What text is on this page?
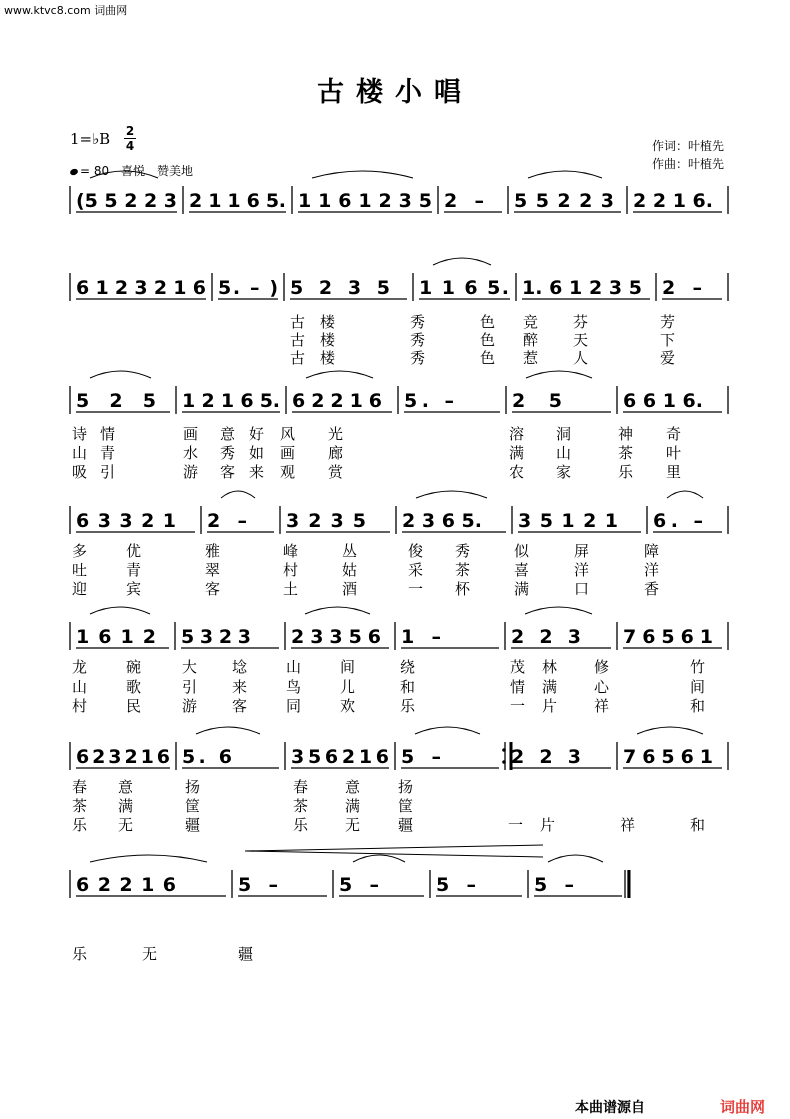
www.ktvc8.com 词曲网
古楼小唱
1=♭B 2
4
= 80 喜悦　赞美地
作词：叶植先
作曲：叶植先
(5 5 2 2 3 2 1 1 6 5. 1 1 6 1 2 3 5 2 – 5 5 2 2 3 2 2 1 6.
6 1 2 3 2 1 6 5. – ) 5 2 3 5 1 1 6 5. 1. 6 1 2 3 5 2 –
5 2 5 1 2 1 6 5. 6 2 2 1 6 5. –	2 5	6 6 1 6.
6 3 3 2 1 2 – 3 2 3 5 2 3 6 5. 3 5 1 2 1 6. –
1 6 1 2 5 3 2 3 2 3 3 5 6 1 –	2 2 3 7 6 5 6 1
6 2 3 2 1 6 5. 6	3 5 6 2 1 6 5 –	2 2 3 7 6 5 6 1
6 2 2 1 6	5 –	5 –	5 –	5 –
古 楼	秀	色 竞 芬	芳
古 楼	秀	色 醉 天	下
古 楼	秀	色 惹 人	爱
诗 情	画 意 好 风 光	溶 洞	神 奇
山 青	水 秀 如 画 廊	满 山	茶 叶
吸 引	游 客 来 观 赏	农 家	乐 里
多	优	雅	峰	丛	俊 秀	似	屏	障
吐	青	翠	村	姑	采 茶	喜	洋	洋
迎	宾	客	土	酒	一 杯	满	口	香
龙	碗	大 埝	山	间	绕	茂 林 修	竹
山	歌	引 来	鸟	儿	和	情 满 心	间
村	民	游 客	同	欢	乐	一 片 祥	和
春 意	扬	春 意	扬
茶 满	筐	茶 满	筐
乐 无	疆	乐 无	疆	一 片	祥	和
乐	无	疆
本曲谱源自	词曲网
